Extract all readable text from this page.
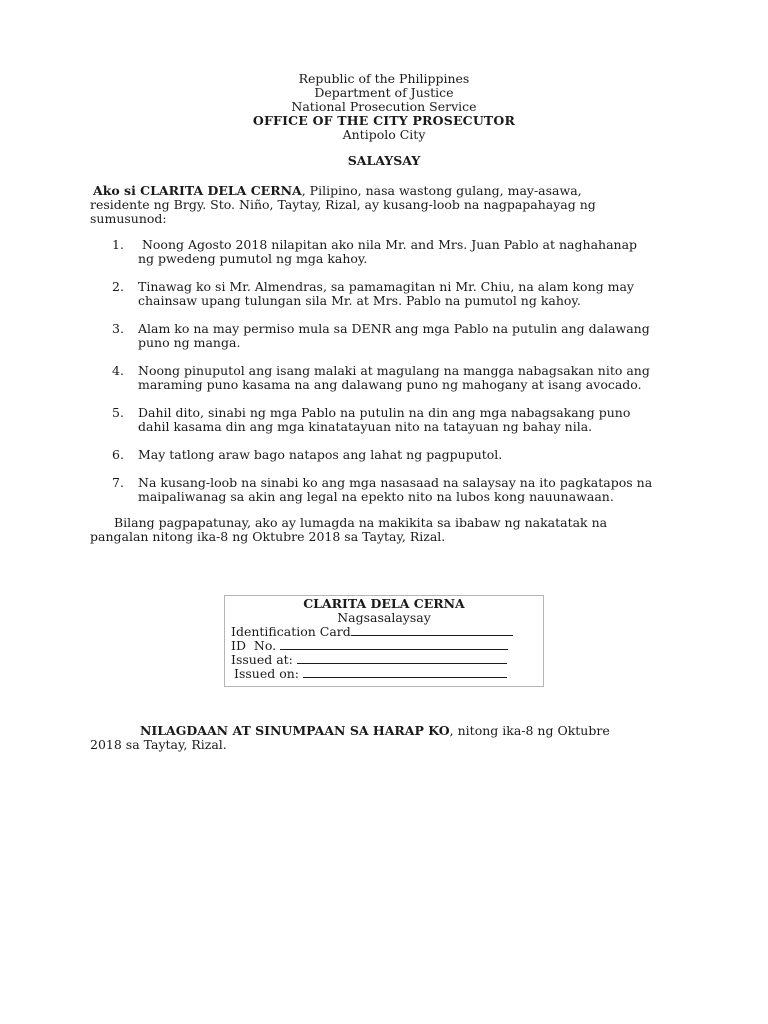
Republic of the Philippines
Department of Justice
National Prosecution Service
OFFICE OF THE CITY PROSECUTOR
Antipolo City
SALAYSAY
Ako si CLARITA DELA CERNA, Pilipino, nasa wastong gulang, may-asawa,
residente ng Brgy. Sto. Niño, Taytay, Rizal, ay kusang-loob na nagpapahayag ng
sumusunod:
1.	Noong Agosto 2018 nilapitan ako nila Mr. and Mrs. Juan Pablo at naghahanap
ng pwedeng pumutol ng mga kahoy.
2.	Tinawag ko si Mr. Almendras, sa pamamagitan ni Mr. Chiu, na alam kong may
chainsaw upang tulungan sila Mr. at Mrs. Pablo na pumutol ng kahoy.
3.	Alam ko na may permiso mula sa DENR ang mga Pablo na putulin ang dalawang
puno ng manga.
4.	Noong pinuputol ang isang malaki at magulang na mangga nabagsakan nito ang
maraming puno kasama na ang dalawang puno ng mahogany at isang avocado.
5.	Dahil dito, sinabi ng mga Pablo na putulin na din ang mga nabagsakang puno
dahil kasama din ang mga kinatatayuan nito na tatayuan ng bahay nila.
6.	May tatlong araw bago natapos ang lahat ng pagpuputol.
7.	Na kusang-loob na sinabi ko ang mga nasasaad na salaysay na ito pagkatapos na
maipaliwanag sa akin ang legal na epekto nito na lubos kong nauunawaan.
Bilang pagpapatunay, ako ay lumagda na makikita sa ibabaw ng nakatatak na
pangalan nitong ika-8 ng Oktubre 2018 sa Taytay, Rizal.
CLARITA DELA CERNA
Nagsasalaysay
Identification Card
ID  No.
Issued at:
Issued on:
NILAGDAAN AT SINUMPAAN SA HARAP KO, nitong ika-8 ng Oktubre
2018 sa Taytay, Rizal.
